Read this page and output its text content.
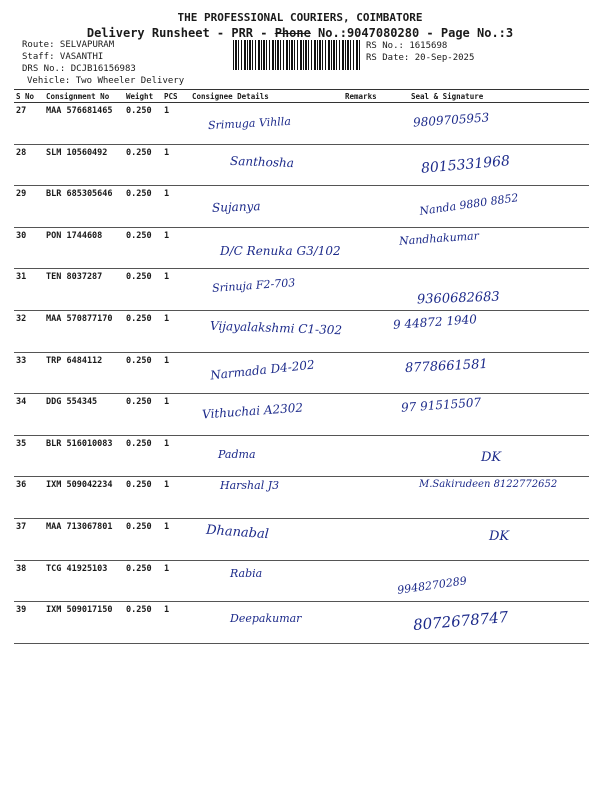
THE PROFESSIONAL COURIERS, COIMBATORE
Delivery Runsheet - PRR - Phone No.:9047080280 - Page No.:3
Route: SELVAPURAM
Staff: VASANTHI
DRS No.: DCJB16156983
Vehicle: Two Wheeler Delivery
RS No.: 1615698
RS Date: 20-Sep-2025
S No	Consignment No	Weight	PCS	Consignee Details	Remarks	Seal & Signature
27	MAA 576681465	0.250	1	Srimuga Vihlla		9809705953

28	SLM 10560492	0.250	1	Santhosha		8015331968

29	BLR 685305646	0.250	1	Sujanya		Nanda 9880 8852

30	PON 1744608	0.250	1	D/C Renuka G3/102		Nandhakumar

31	TEN 8037287	0.250	1	Srinuja F2-703		9360682683

32	MAA 570877170	0.250	1	Vijayalakshmi C1-302		9 44872 1940

33	TRP 6484112	0.250	1	Narmada D4-202		8778661581

34	DDG 554345	0.250	1	Vithuchai A2302		97 91515507

35	BLR 516010083	0.250	1	Padma		DK

36	IXM 509042234	0.250	1	Harshal J3		M.Sakirudeen 8122772652

37	MAA 713067801	0.250	1	Dhanabal		DK

38	TCG 41925103	0.250	1	Rabia		9948270289

39	IXM 509017150	0.250	1	Deepakumar		8072678747
